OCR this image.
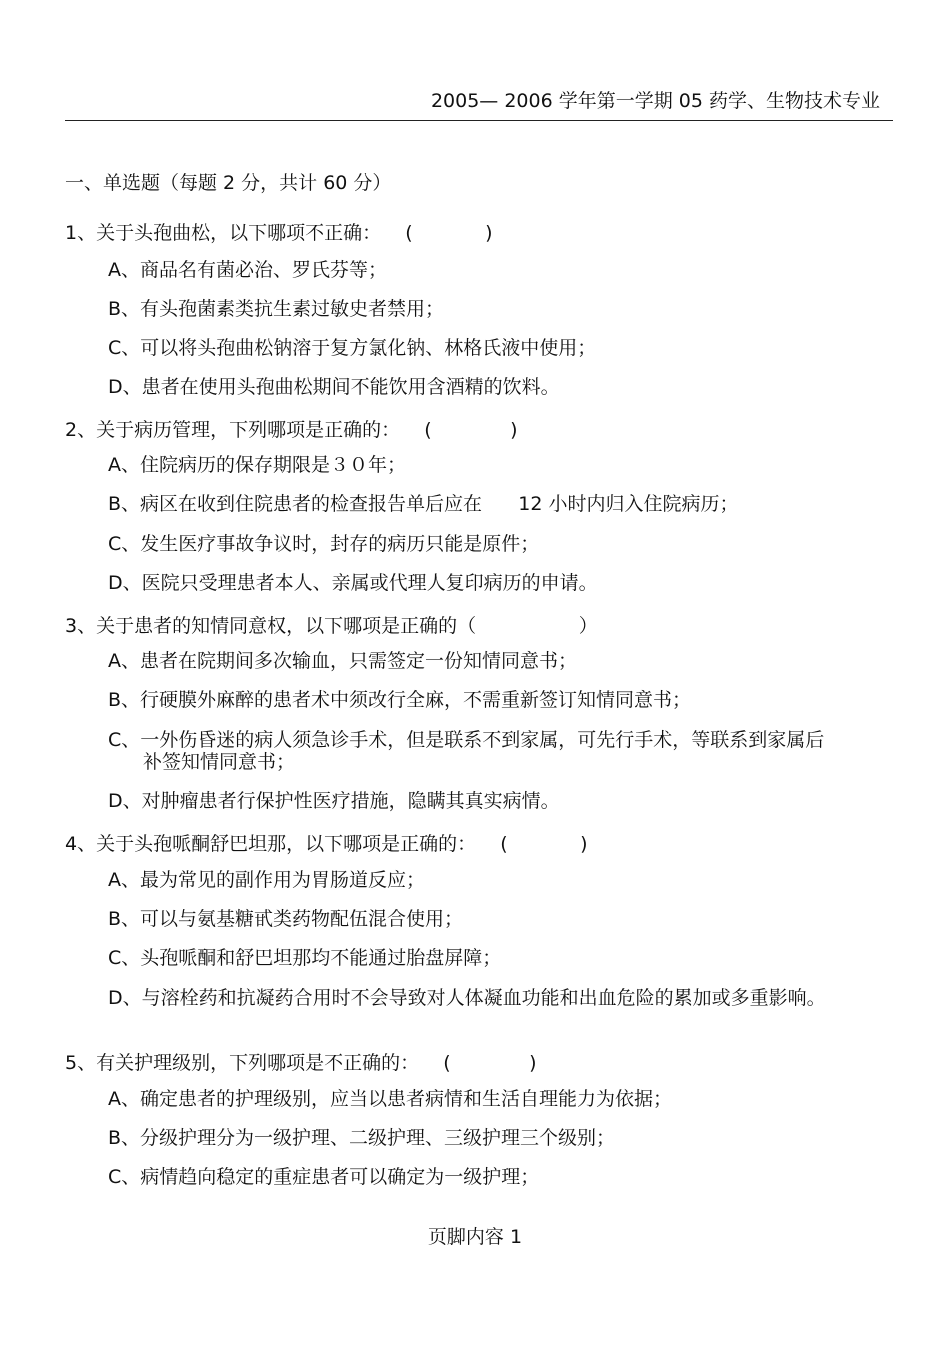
2005— 2006 学年第一学期 05 药学、生物技术专业
一、单选题（每题 2 分，共计 60 分）
1、关于头孢曲松，以下哪项不正确：    (            )
A、商品名有菌必治、罗氏芬等；
B、有头孢菌素类抗生素过敏史者禁用；
C、可以将头孢曲松钠溶于复方氯化钠、林格氏液中使用；
D、患者在使用头孢曲松期间不能饮用含酒精的饮料。
2、关于病历管理，下列哪项是正确的：    (             )
A、住院病历的保存期限是３０年；
B、病区在收到住院患者的检查报告单后应在      12 小时内归入住院病历；
C、发生医疗事故争议时，封存的病历只能是原件；
D、医院只受理患者本人、亲属或代理人复印病历的申请。
3、关于患者的知情同意权，以下哪项是正确的（                 ）
A、患者在院期间多次输血，只需签定一份知情同意书；
B、行硬膜外麻醉的患者术中须改行全麻，不需重新签订知情同意书；
C、一外伤昏迷的病人须急诊手术，但是联系不到家属，可先行手术，等联系到家属后补签知情同意书；
D、对肿瘤患者行保护性医疗措施，隐瞒其真实病情。
4、关于头孢哌酮舒巴坦那，以下哪项是正确的：    (            )
A、最为常见的副作用为胃肠道反应；
B、可以与氨基糖甙类药物配伍混合使用；
C、头孢哌酮和舒巴坦那均不能通过胎盘屏障；
D、与溶栓药和抗凝药合用时不会导致对人体凝血功能和出血危险的累加或多重影响。
5、有关护理级别，下列哪项是不正确的：    (             )
A、确定患者的护理级别，应当以患者病情和生活自理能力为依据；
B、分级护理分为一级护理、二级护理、三级护理三个级别；
C、病情趋向稳定的重症患者可以确定为一级护理；
页脚内容 1
